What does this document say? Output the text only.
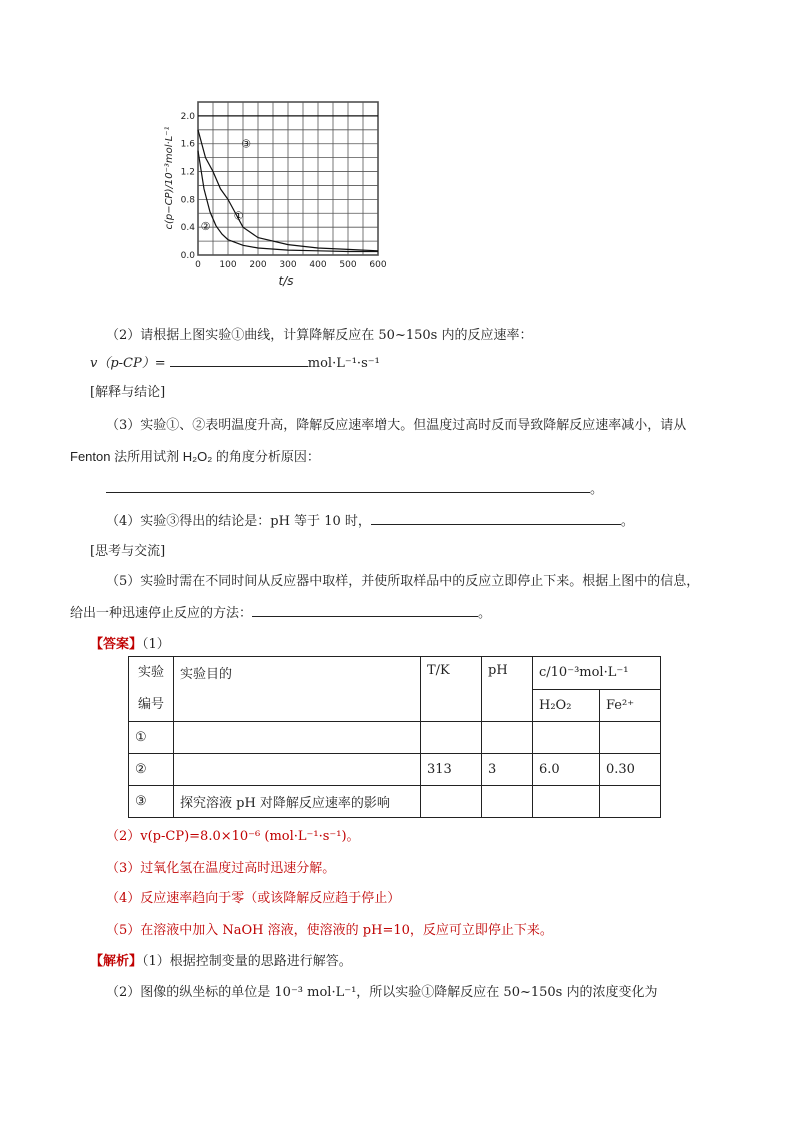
0 100 200 300 400 500 600
0.0
0.4
0.8
1.2
1.6
2.0
①
②
③
c(p−CP)/10⁻³mol·L⁻¹
t/s
（2）请根据上图实验①曲线，计算降解反应在 50~150s 内的反应速率：
v（p-CP）=	mol·L⁻¹·s⁻¹
[解释与结论]
（3）实验①、②表明温度升高，降解反应速率增大。但温度过高时反而导致降解反应速率减小，请从
Fenton 法所用试剂 H₂O₂ 的角度分析原因：
。
（4）实验③得出的结论是：pH 等于 10 时，	。
[思考与交流]
（5）实验时需在不同时间从反应器中取样，并使所取样品中的反应立即停止下来。根据上图中的信息，
给出一种迅速停止反应的方法：	。
【答案】（1）
实验
编号	实验目的	T/K	pH	c/10⁻³mol·L⁻¹	
				H₂O₂	Fe²⁺
①					
②		313	3	6.0	0.30
③	探究溶液 pH 对降解反应速率的影响				
（2）v(p-CP)=8.0×10⁻⁶ (mol·L⁻¹·s⁻¹)。
（3）过氧化氢在温度过高时迅速分解。
（4）反应速率趋向于零（或该降解反应趋于停止）
（5）在溶液中加入 NaOH 溶液，使溶液的 pH=10，反应可立即停止下来。
【解析】（1）根据控制变量的思路进行解答。
（2）图像的纵坐标的单位是 10⁻³ mol·L⁻¹，所以实验①降解反应在 50~150s 内的浓度变化为
